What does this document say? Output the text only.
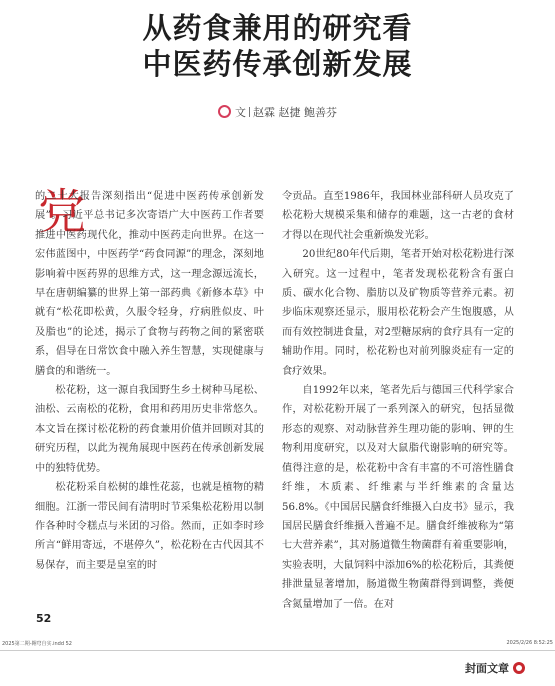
从药食兼用的研究看
中医药传承创新发展
文 赵霖 赵捷 鲍善芬
党

的二十大报告深刻指出“促进中医药传承创新发展”。习近平总书记多次寄语广大中医药工作者要推进中医药现代化，推动中医药走向世界。在这一宏伟蓝图中，中医药学“药食同源”的理念，深刻地影响着中医药界的思维方式，这一理念源远流长，早在唐朝编纂的世界上第一部药典《新修本草》中就有“松花即松黄，久服令轻身，疗病胜似皮、叶及脂也”的论述，揭示了食物与药物之间的紧密联系，倡导在日常饮食中融入养生智慧，实现健康与膳食的和谐统一。

松花粉，这一源自我国野生乡土树种马尾松、油松、云南松的花粉，食用和药用历史非常悠久。本文旨在探讨松花粉的药食兼用价值并回顾对其的研究历程，以此为视角展现中医药在传承创新发展中的独特优势。

松花粉采自松树的雄性花蕊，也就是植物的精细胞。江浙一带民间有清明时节采集松花粉用以制作各种时令糕点与米团的习俗。然而，正如李时珍所言“鲜用寄远，不堪停久”，松花粉在古代因其不易保存，而主要是皇室的时

令贡品。直至1986年，我国林业部科研人员攻克了松花粉大规模采集和储存的难题，这一古老的食材才得以在现代社会重新焕发光彩。

20世纪80年代后期，笔者开始对松花粉进行深入研究。这一过程中，笔者发现松花粉含有蛋白质、碳水化合物、脂肪以及矿物质等营养元素。初步临床观察还显示，服用松花粉会产生饱腹感，从而有效控制进食量，对2型糖尿病的食疗具有一定的辅助作用。同时，松花粉也对前列腺炎症有一定的食疗效果。

自1992年以来，笔者先后与德国三代科学家合作，对松花粉开展了一系列深入的研究，包括显微形态的观察、对动脉营养生理功能的影响、钾的生物利用度研究，以及对大鼠脂代谢影响的研究等。值得注意的是，松花粉中含有丰富的不可溶性膳食纤维，木质素、纤维素与半纤维素的含量达56.8%。《中国居民膳食纤维摄入白皮书》显示，我国居民膳食纤维摄入普遍不足。膳食纤维被称为“第七大营养素”，其对肠道微生物菌群有着重要影响，实验表明，大鼠饲料中添加6%的松花粉后，其粪便排泄量显著增加，肠道微生物菌群得到调整，粪便含氮量增加了一倍。在对

52
2025第二期-翱穹自实.indd 52	2025/2/26 8:52:25
封面文章
